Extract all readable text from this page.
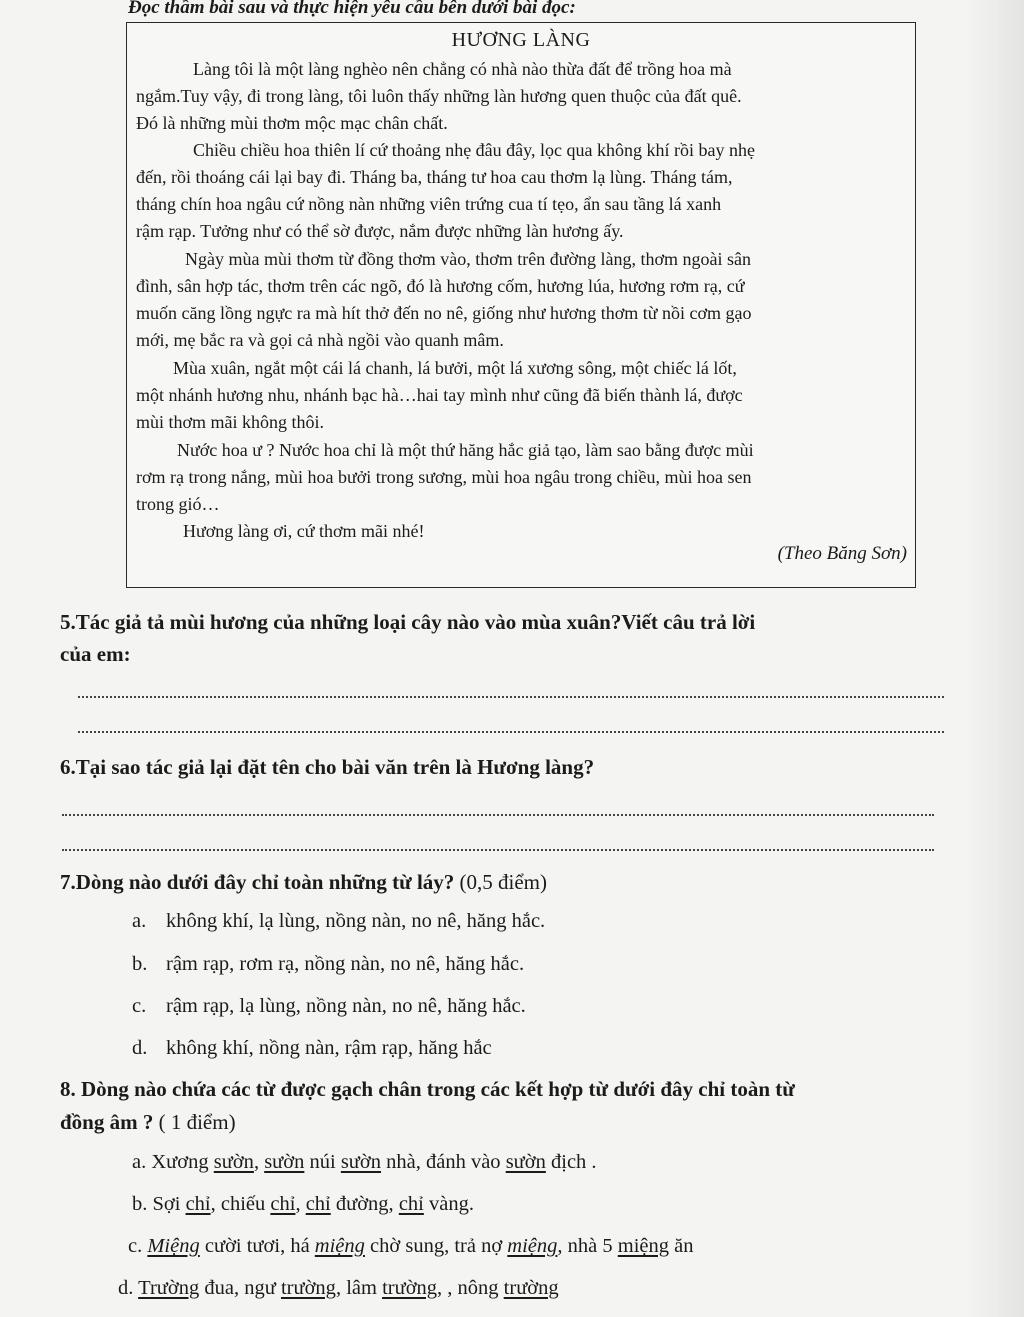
Đọc thầm bài sau và thực hiện yêu cầu bên dưới bài đọc:
HƯƠNG LÀNG
Làng tôi là một làng nghèo nên chẳng có nhà nào thừa đất để trồng hoa mà
ngắm.Tuy vậy, đi trong làng, tôi luôn thấy những làn hương quen thuộc của đất quê.
Đó là những mùi thơm mộc mạc chân chất.
Chiều chiều hoa thiên lí cứ thoảng nhẹ đâu đây, lọc qua không khí rồi bay nhẹ
đến, rồi thoáng cái lại bay đi. Tháng ba, tháng tư hoa cau thơm lạ lùng. Tháng tám,
tháng chín hoa ngâu cứ nồng nàn những viên trứng cua tí tẹo, ẩn sau tầng lá xanh
rậm rạp. Tưởng như có thể sờ được, nắm được những làn hương ấy.
Ngày mùa mùi thơm từ đồng thơm vào, thơm trên đường làng, thơm ngoài sân
đình, sân hợp tác, thơm trên các ngõ, đó là hương cốm, hương lúa, hương rơm rạ, cứ
muốn căng lồng ngực ra mà hít thở đến no nê, giống như hương thơm từ nồi cơm gạo
mới, mẹ bắc ra và gọi cả nhà ngồi vào quanh mâm.
Mùa xuân, ngắt một cái lá chanh, lá bưởi, một lá xương sông, một chiếc lá lốt,
một nhánh hương nhu, nhánh bạc hà…hai tay mình như cũng đã biến thành lá, được
mùi thơm mãi không thôi.
Nước hoa ư ? Nước hoa chỉ là một thứ hăng hắc giả tạo, làm sao bằng được mùi
rơm rạ trong nắng, mùi hoa bưởi trong sương, mùi hoa ngâu trong chiều, mùi hoa sen
trong gió…
Hương làng ơi, cứ thơm mãi nhé!
(Theo Băng Sơn)
5.Tác giả tả mùi hương của những loại cây nào vào mùa xuân?Viết câu trả lời
của em:
6.Tại sao tác giả lại đặt tên cho bài văn trên là Hương làng?
7.Dòng nào dưới đây chỉ toàn những từ láy? (0,5 điểm)
a. không khí, lạ lùng, nồng nàn, no nê, hăng hắc.
b. rậm rạp, rơm rạ, nồng nàn, no nê, hăng hắc.
c. rậm rạp, lạ lùng, nồng nàn, no nê, hăng hắc.
d. không khí, nồng nàn, rậm rạp, hăng hắc
8. Dòng nào chứa các từ được gạch chân trong các kết hợp từ dưới đây chỉ toàn từ
đồng âm ? ( 1 điểm)
a. Xương sườn, sườn núi sườn nhà, đánh vào sườn địch .
b. Sợi chỉ, chiếu chỉ, chỉ đường, chỉ vàng.
c. Miệng cười tươi, há miệng chờ sung, trả nợ miệng, nhà 5 miệng ăn
d. Trường đua, ngư trường, lâm trường, , nông trường
